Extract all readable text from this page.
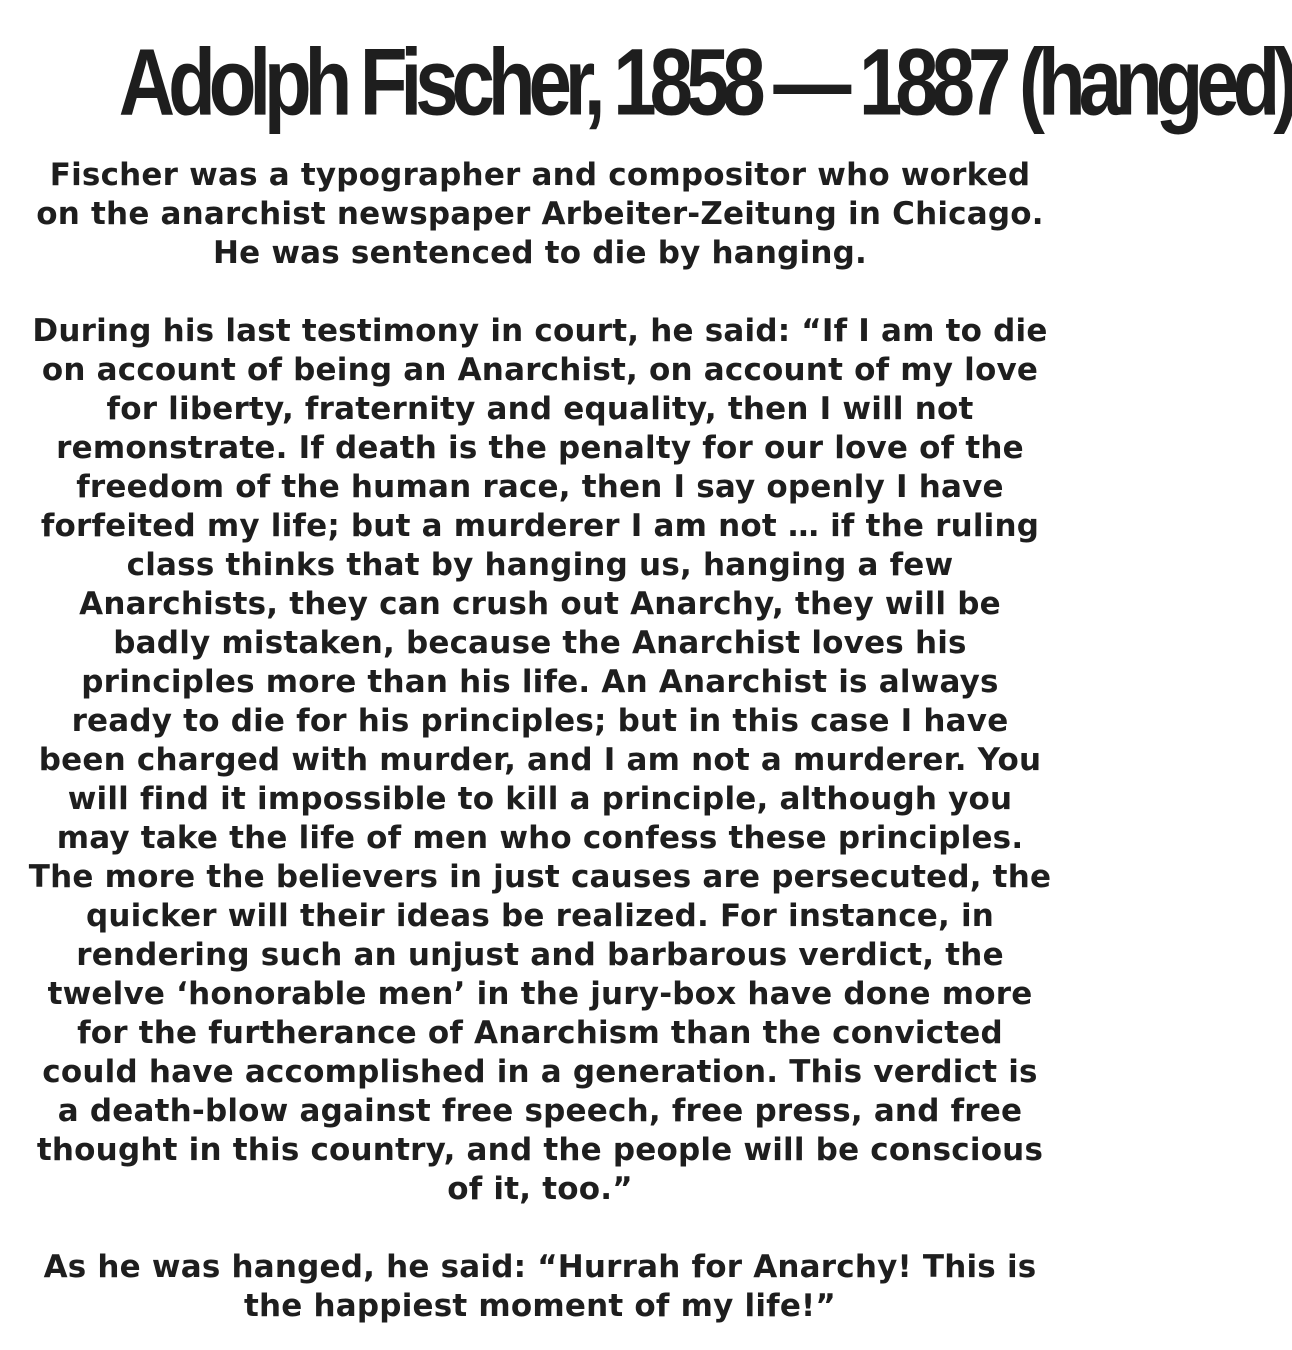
Adolph Fischer, 1858 — 1887 (hanged)

Fischer was a typographer and compositor who worked on the anarchist newspaper Arbeiter-Zeitung in Chicago. He was sentenced to die by hanging.

During his last testimony in court, he said: “If I am to die on account of being an Anarchist, on account of my love for liberty, fraternity and equality, then I will not remonstrate. If death is the penalty for our love of the freedom of the human race, then I say openly I have forfeited my life; but a murderer I am not … if the ruling class thinks that by hanging us, hanging a few Anarchists, they can crush out Anarchy, they will be badly mistaken, because the Anarchist loves his principles more than his life. An Anarchist is always ready to die for his principles; but in this case I have been charged with murder, and I am not a murderer. You will find it impossible to kill a principle, although you may take the life of men who confess these principles. The more the believers in just causes are persecuted, the quicker will their ideas be realized. For instance, in rendering such an unjust and barbarous verdict, the twelve ‘honorable men’ in the jury-box have done more for the furtherance of Anarchism than the convicted could have accomplished in a generation. This verdict is a death-blow against free speech, free press, and free thought in this country, and the people will be conscious of it, too.”

As he was hanged, he said: “Hurrah for Anarchy! This is the happiest moment of my life!”
